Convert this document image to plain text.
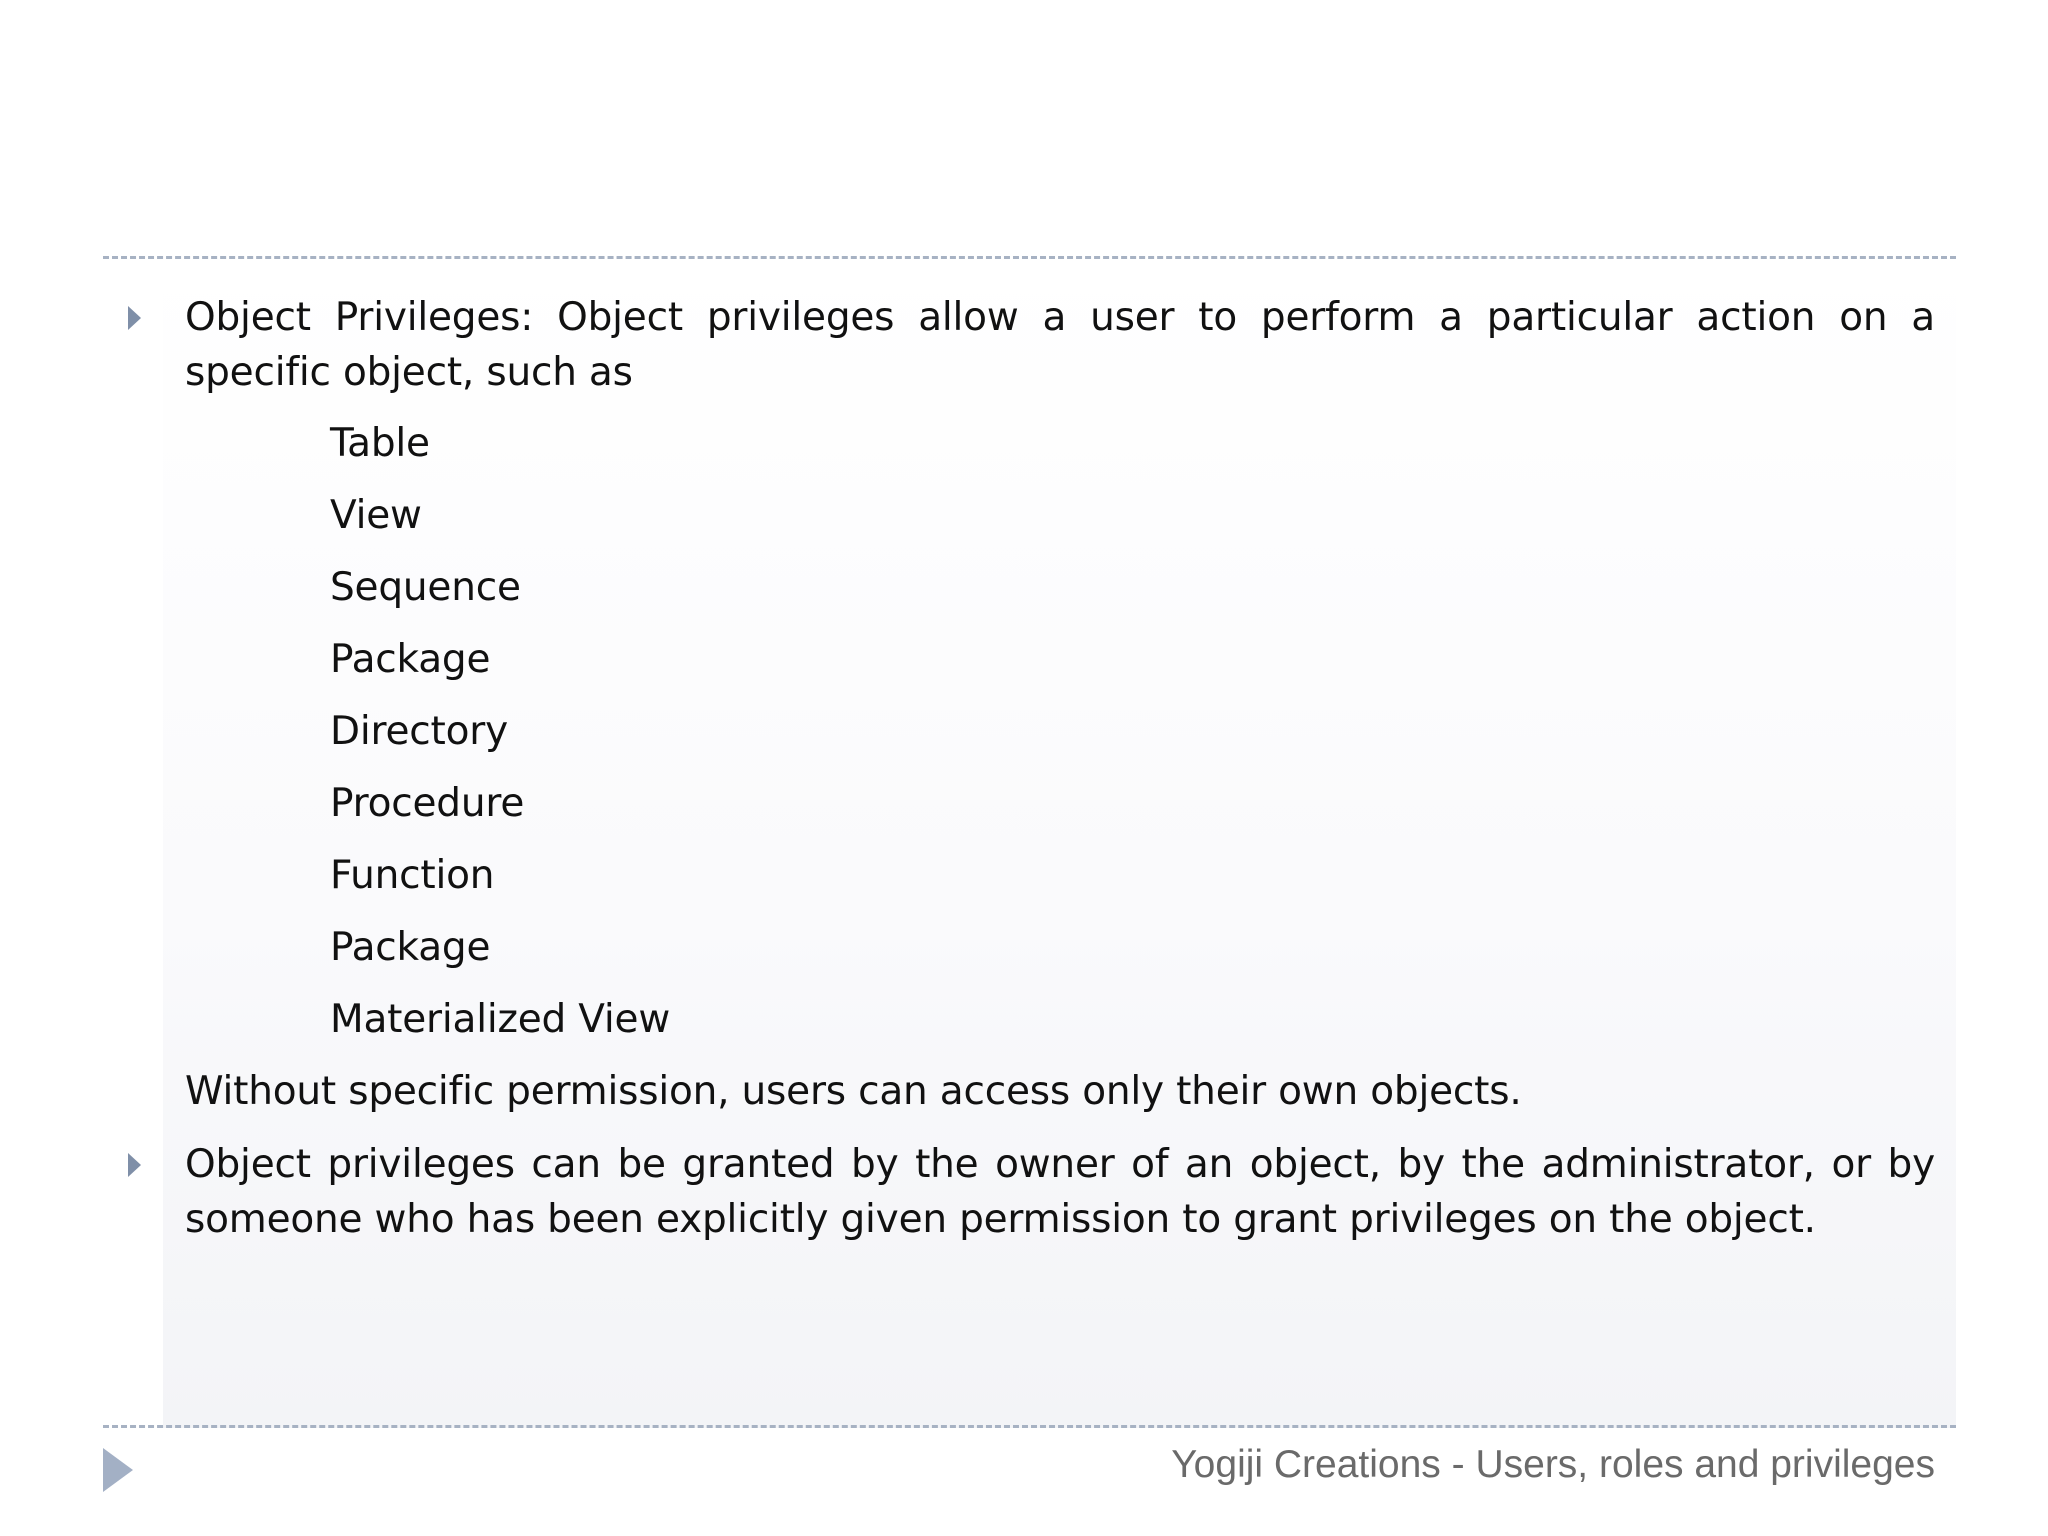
Object Privileges: Object privileges allow a user to perform a particular action on a specific object, such as
Table
View
Sequence
Package
Directory
Procedure
Function
Package
Materialized View
Without specific permission, users can access only their own objects.
Object privileges can be granted by the owner of an object, by the administrator, or by someone who has been explicitly given permission to grant privileges on the object.
Yogiji Creations - Users, roles and privileges
